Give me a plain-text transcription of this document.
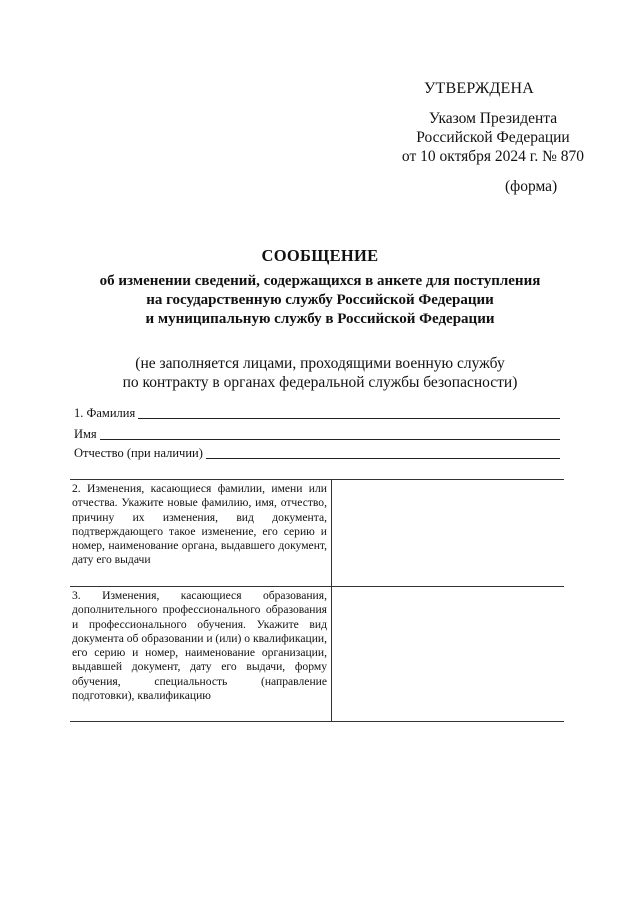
УТВЕРЖДЕНА
Указом Президента
Российской Федерации
от 10 октября 2024 г. № 870
(форма)
СООБЩЕНИЕ
об изменении сведений, содержащихся в анкете для поступления
на государственную службу Российской Федерации
и муниципальную службу в Российской Федерации
(не заполняется лицами, проходящими военную службу
по контракту в органах федеральной службы безопасности)
1. Фамилия
Имя
Отчество (при наличии)
2. Изменения, касающиеся фамилии, имени или отчества. Укажите новые фамилию, имя, отчество, причину их изменения, вид документа, подтверждающего такое изменение, его серию и номер, наименование органа, выдавшего документ, дату его выдачи	
3. Изменения, касающиеся образования, дополнительного профессионального образования и профессионального обучения. Укажите вид документа об образовании и (или) о квалификации, его серию и номер, наименование организации, выдавшей документ, дату его выдачи, форму обучения, специальность (направление подготовки), квалификацию	
